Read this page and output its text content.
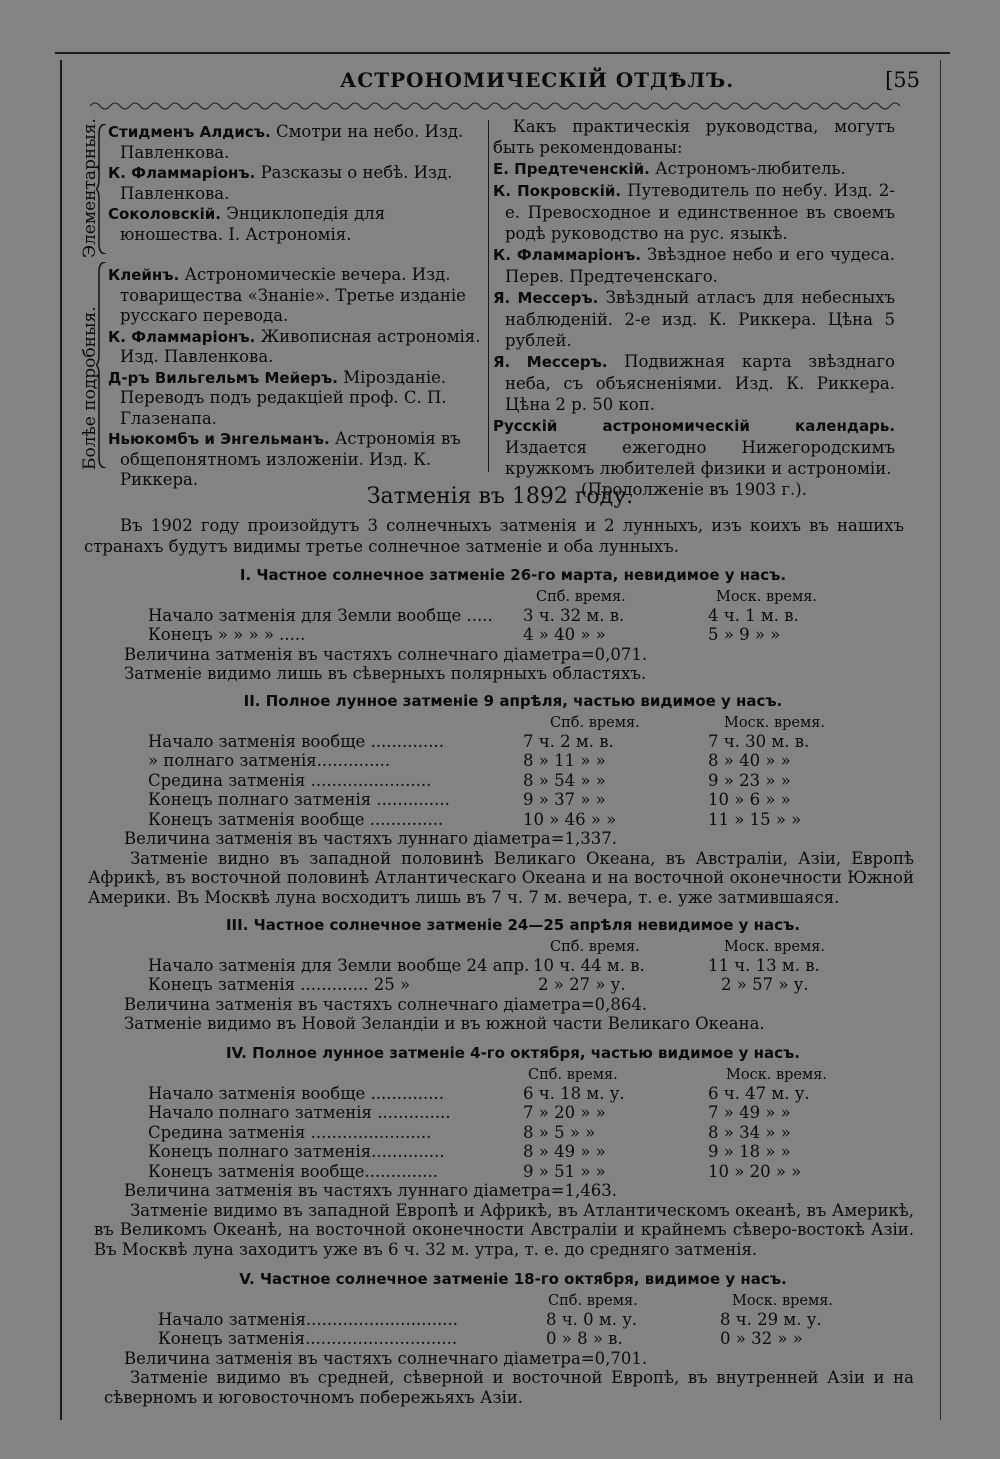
АСТРОНОМИЧЕСКІЙ ОТДѢЛЪ.	[55
Элементарныя.
Болѣе подробныя.

Стидменъ Алдисъ. Смотри на небо. Изд. Павленкова.

К. Фламмаріонъ. Разсказы о небѣ. Изд. Павленкова.

Соколовскій. Энциклопедія для юношества. I. Астрономія.

Клейнъ. Астрономическіе вечера. Изд. товарищества «Знаніе». Третье изданіе русскаго перевода.

К. Фламмаріонъ. Живописная астрономія. Изд. Павленкова.

Д-ръ Вильгельмъ Мейеръ. Мірозданіе. Переводъ подъ редакціей проф. С. П. Глазенапа.

Ньюкомбъ и Энгельманъ. Астрономія въ общепонятномъ изложеніи. Изд. К. Риккера.

Какъ практическія руководства, могутъ быть рекомендованы:

Е. Предтеченскій. Астрономъ-любитель.

К. Покровскій. Путеводитель по небу. Изд. 2-е. Превосходное и единственное въ своемъ родѣ руководство на рус. языкѣ.

К. Фламмаріонъ. Звѣздное небо и его чудеса. Перев. Предтеченскаго.

Я. Мессеръ. Звѣздный атласъ для небесныхъ наблюденій. 2-е изд. К. Риккера. Цѣна 5 рублей.

Я. Мессеръ. Подвижная карта звѣзднаго неба, съ объясненіями. Изд. К. Риккера. Цѣна 2 р. 50 коп.

Русскій астрономическій календарь. Издается ежегодно Нижегородскимъ кружкомъ любителей физики и астрономіи.

(Продолженіе въ 1903 г.).

Затменія въ 1892 году.

Въ 1902 году произойдутъ 3 солнечныхъ затменія и 2 лунныхъ, изъ коихъ въ нашихъ странахъ будутъ видимы третье солнечное затменіе и оба лунныхъ.

I. Частное солнечное затменіе 26-го марта, невидимое у насъ.
Спб. время.	Моск. время.
Начало затменія для Земли вообще ..... 3 ч. 32 м. в.	4 ч. 1 м. в.
Конецъ » » » » .....	4 » 40 » »	5 » 9 » »

Величина затменія въ частяхъ солнечнаго діаметра=0,071.

Затменіе видимо лишь въ сѣверныхъ полярныхъ областяхъ.

II. Полное лунное затменіе 9 апрѣля, частью видимое у насъ.
Спб. время.	Моск. время.
Начало затменія вообще ..............	7 ч. 2 м. в.	7 ч. 30 м. в.
» полнаго затменія..............	8 » 11 » »	8 » 40 » »
Средина затменія .......................	8 » 54 » »	9 » 23 » »
Конецъ полнаго затменія ..............	9 » 37 » »	10 » 6 » »
Конецъ затменія вообще ..............	10 » 46 » »	11 » 15 » »

Величина затменія въ частяхъ луннаго діаметра=1,337.

Затменіе видно въ западной половинѣ Великаго Океана, въ Австраліи, Азіи, Европѣ Африкѣ, въ восточной половинѣ Атлантическаго Океана и на восточной оконечности Южной Америки. Въ Москвѣ луна восходитъ лишь въ 7 ч. 7 м. вечера, т. е. уже затмившаяся.

III. Частное солнечное затменіе 24—25 апрѣля невидимое у насъ.
Спб. время.	Моск. время.
Начало затменія для Земли вообще 24 апр. 10 ч. 44 м. в.	11 ч. 13 м. в.
Конецъ затменія ............. 25 »	2 » 27 » у.	2 » 57 » у.

Величина затменія въ частяхъ солнечнаго діаметра=0,864.

Затменіе видимо въ Новой Зеландіи и въ южной части Великаго Океана.

IV. Полное лунное затменіе 4-го октября, частью видимое у насъ.
Спб. время.	Моск. время.
Начало затменія вообще ..............	6 ч. 18 м. у.	6 ч. 47 м. у.
Начало полнаго затменія ..............	7 » 20 » »	7 » 49 » »
Средина затменія .......................	8 » 5 » »	8 » 34 » »
Конецъ полнаго затменія..............	8 » 49 » »	9 » 18 » »
Конецъ затменія вообще..............	9 » 51 » »	10 » 20 » »

Величина затменія въ частяхъ луннаго діаметра=1,463.

Затменіе видимо въ западной Европѣ и Африкѣ, въ Атлантическомъ океанѣ, въ Америкѣ, въ Великомъ Океанѣ, на восточной оконечности Австраліи и крайнемъ сѣверо-востокѣ Азіи. Въ Москвѣ луна заходитъ уже въ 6 ч. 32 м. утра, т. е. до средняго затменія.

V. Частное солнечное затменіе 18-го октября, видимое у насъ.
Спб. время.	Моск. время.
Начало затменія.............................	8 ч. 0 м. у.	8 ч. 29 м. у.
Конецъ затменія.............................	0 » 8 » в.	0 » 32 » »

Величина затменія въ частяхъ солнечнаго діаметра=0,701.

Затменіе видимо въ средней, сѣверной и восточной Европѣ, въ внутренней Азіи и на сѣверномъ и юговосточномъ побережьяхъ Азіи.
